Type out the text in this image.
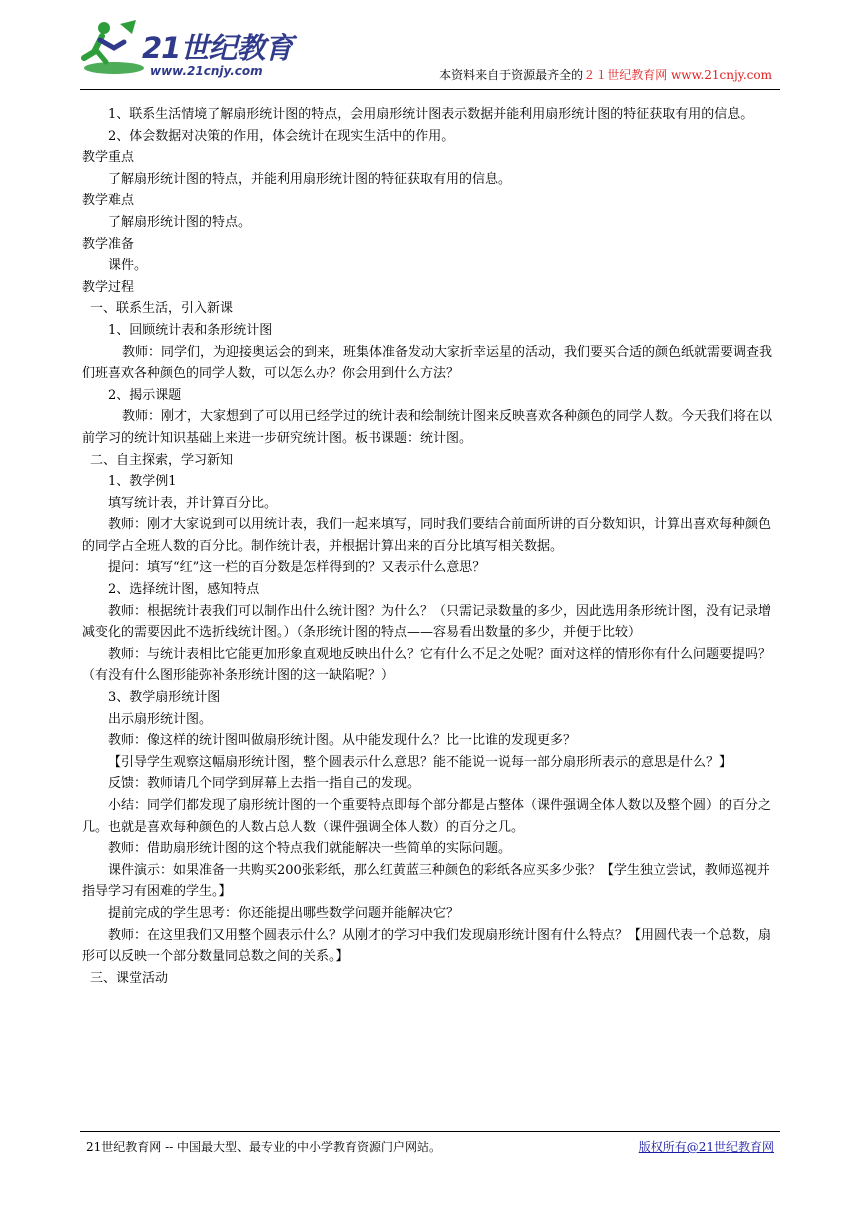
21世纪教育
www.21cnjy.com	本资料来自于资源最齐全的２１世纪教育网 www.21cnjy.com

1、联系生活情境了解扇形统计图的特点，会用扇形统计图表示数据并能利用扇形统计图的特征获取有用的信息。

2、体会数据对决策的作用，体会统计在现实生活中的作用。

教学重点

了解扇形统计图的特点，并能利用扇形统计图的特征获取有用的信息。

教学难点

了解扇形统计图的特点。

教学准备

课件。

教学过程

一、联系生活，引入新课

1、回顾统计表和条形统计图

教师：同学们，为迎接奥运会的到来，班集体准备发动大家折幸运星的活动，我们要买合适的颜色纸就需要调查我们班喜欢各种颜色的同学人数，可以怎么办？你会用到什么方法？

2、揭示课题

教师：刚才，大家想到了可以用已经学过的统计表和绘制统计图来反映喜欢各种颜色的同学人数。今天我们将在以前学习的统计知识基础上来进一步研究统计图。板书课题：统计图。

二、自主探索，学习新知

1、教学例1

填写统计表，并计算百分比。

教师：刚才大家说到可以用统计表，我们一起来填写，同时我们要结合前面所讲的百分数知识，计算出喜欢每种颜色的同学占全班人数的百分比。制作统计表，并根据计算出来的百分比填写相关数据。

提问：填写“红”这一栏的百分数是怎样得到的？又表示什么意思？

2、选择统计图，感知特点

教师：根据统计表我们可以制作出什么统计图？为什么？（只需记录数量的多少，因此选用条形统计图，没有记录增减变化的需要因此不选折线统计图。）（条形统计图的特点——容易看出数量的多少，并便于比较）

教师：与统计表相比它能更加形象直观地反映出什么？它有什么不足之处呢？面对这样的情形你有什么问题要提吗？（有没有什么图形能弥补条形统计图的这一缺陷呢？）

3、教学扇形统计图

出示扇形统计图。

教师：像这样的统计图叫做扇形统计图。从中能发现什么？比一比谁的发现更多？

【引导学生观察这幅扇形统计图，整个圆表示什么意思？能不能说一说每一部分扇形所表示的意思是什么？】

反馈：教师请几个同学到屏幕上去指一指自己的发现。

小结：同学们都发现了扇形统计图的一个重要特点即每个部分都是占整体（课件强调全体人数以及整个圆）的百分之几。也就是喜欢每种颜色的人数占总人数（课件强调全体人数）的百分之几。

教师：借助扇形统计图的这个特点我们就能解决一些简单的实际问题。

课件演示：如果准备一共购买200张彩纸，那么红黄蓝三种颜色的彩纸各应买多少张？【学生独立尝试，教师巡视并指导学习有困难的学生。】

提前完成的学生思考：你还能提出哪些数学问题并能解决它？

教师：在这里我们又用整个圆表示什么？从刚才的学习中我们发现扇形统计图有什么特点？【用圆代表一个总数，扇形可以反映一个部分数量同总数之间的关系。】

三、课堂活动

21世纪教育网 -- 中国最大型、最专业的中小学教育资源门户网站。	版权所有@21世纪教育网
